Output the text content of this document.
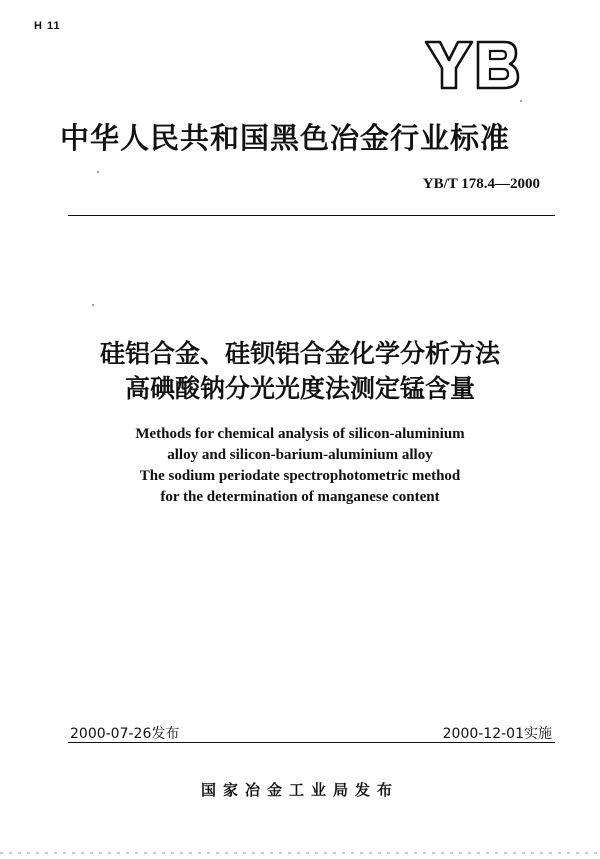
H 11
中华人民共和国黑色冶金行业标准
YB/T 178.4—2000
硅铝合金、硅钡铝合金化学分析方法
高碘酸钠分光光度法测定锰含量
Methods for chemical analysis of silicon-aluminium
alloy and silicon-barium-aluminium alloy
The sodium periodate spectrophotometric method
for the determination of manganese content
2000-07-26发布	2000-12-01实施
国家冶金工业局发布
